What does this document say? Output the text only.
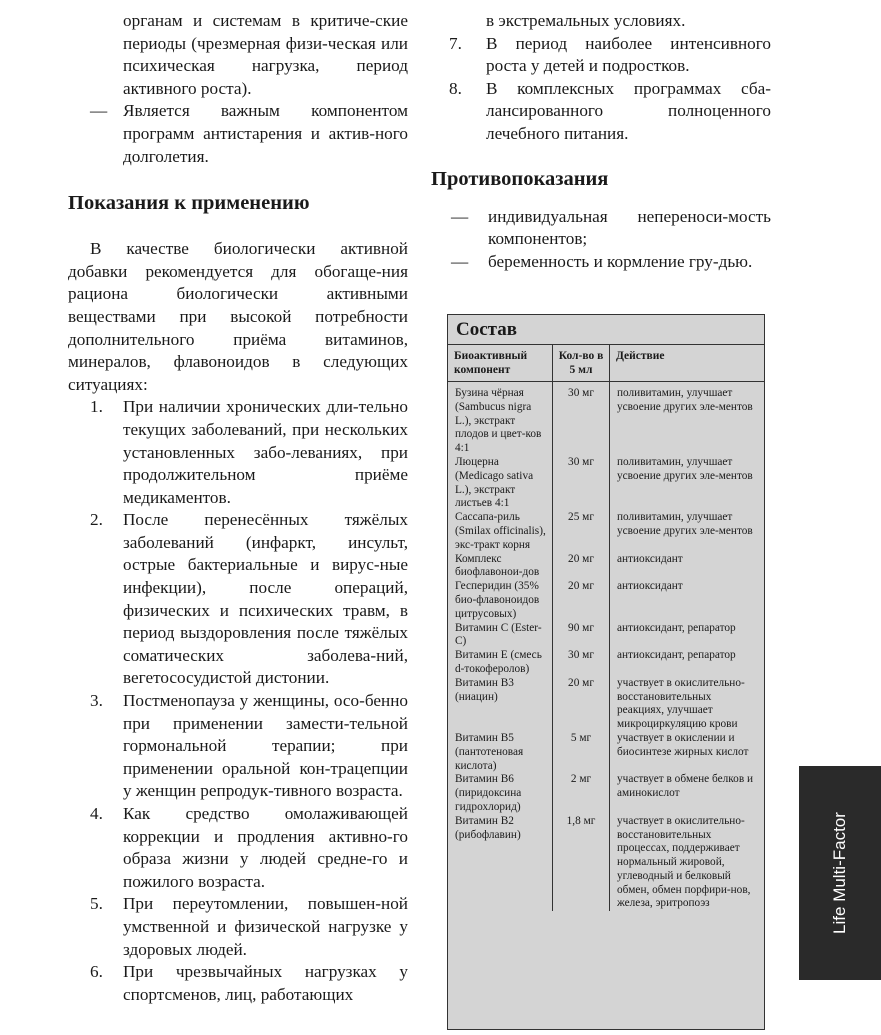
органам и системам в критиче-ские периоды (чрезмерная физи-ческая или психическая нагрузка, период активного роста).
— Является важным компонентом программ антистарения и актив-ного долголетия.
Показания к применению
В качестве биологически активной добавки рекомендуется для обогаще-ния рациона биологически активными веществами при высокой потребности дополнительного приёма витаминов, минералов, флавоноидов в следующих ситуациях:
1. При наличии хронических дли-тельно текущих заболеваний, при нескольких установленных забо-леваниях, при продолжительном приёме медикаментов.
2. После перенесённых тяжёлых заболеваний (инфаркт, инсульт, острые бактериальные и вирус-ные инфекции), после операций, физических и психических травм, в период выздоровления после тяжёлых соматических заболева-ний, вегетососудистой дистонии.
3. Постменопауза у женщины, осо-бенно при применении замести-тельной гормональной терапии; при применении оральной кон-трацепции у женщин репродук-тивного возраста.
4. Как средство омолаживающей коррекции и продления активно-го образа жизни у людей средне-го и пожилого возраста.
5. При переутомлении, повышен-ной умственной и физической нагрузке у здоровых людей.
6. При чрезвычайных нагрузках у спортсменов, лиц, работающих
в экстремальных условиях.
7. В период наиболее интенсивного роста у детей и подростков.
8. В комплексных программах сба-лансированного полноценного лечебного питания.
Противопоказания
— индивидуальная непереноси-мость компонентов;
— беременность и кормление гру-дью.
Состав
Биоактивный компонент	Кол-во в 5 мл	Действие
Бузина чёрная (Sambucus nigra L.), экстракт плодов и цвет-ков 4:1	30 мг	поливитамин, улучшает усвоение других эле-ментов
Люцерна (Medicago sativa L.), экстракт листьев 4:1	30 мг	поливитамин, улучшает усвоение других эле-ментов
Сассапа-риль (Smilax officinalis), экс-тракт корня	25 мг	поливитамин, улучшает усвоение других эле-ментов
Комплекс биофлавонои-дов	20 мг	антиоксидант
Гесперидин (35% био-флавоноидов цитрусовых)	20 мг	антиоксидант
Витамин С (Ester-C)	90 мг	антиоксидант, репаратор
Витамин E (смесь d-токоферолов)	30 мг	антиоксидант, репаратор
Витамин B3 (ниацин)	20 мг	участвует в окислительно-восстановительных реакциях, улучшает микроциркуляцию крови
Витамин B5 (пантотеновая кислота)	5 мг	участвует в окислении и биосинтезе жирных кислот
Витамин B6 (пиридоксина гидрохлорид)	2 мг	участвует в обмене белков и аминокислот
Витамин B2 (рибофлавин)	1,8 мг	участвует в окислительно-восстановительных процессах, поддерживает нормальный жировой, углеводный и белковый обмен, обмен порфири-нов, железа, эритропоэз	Life Multi-Factor
